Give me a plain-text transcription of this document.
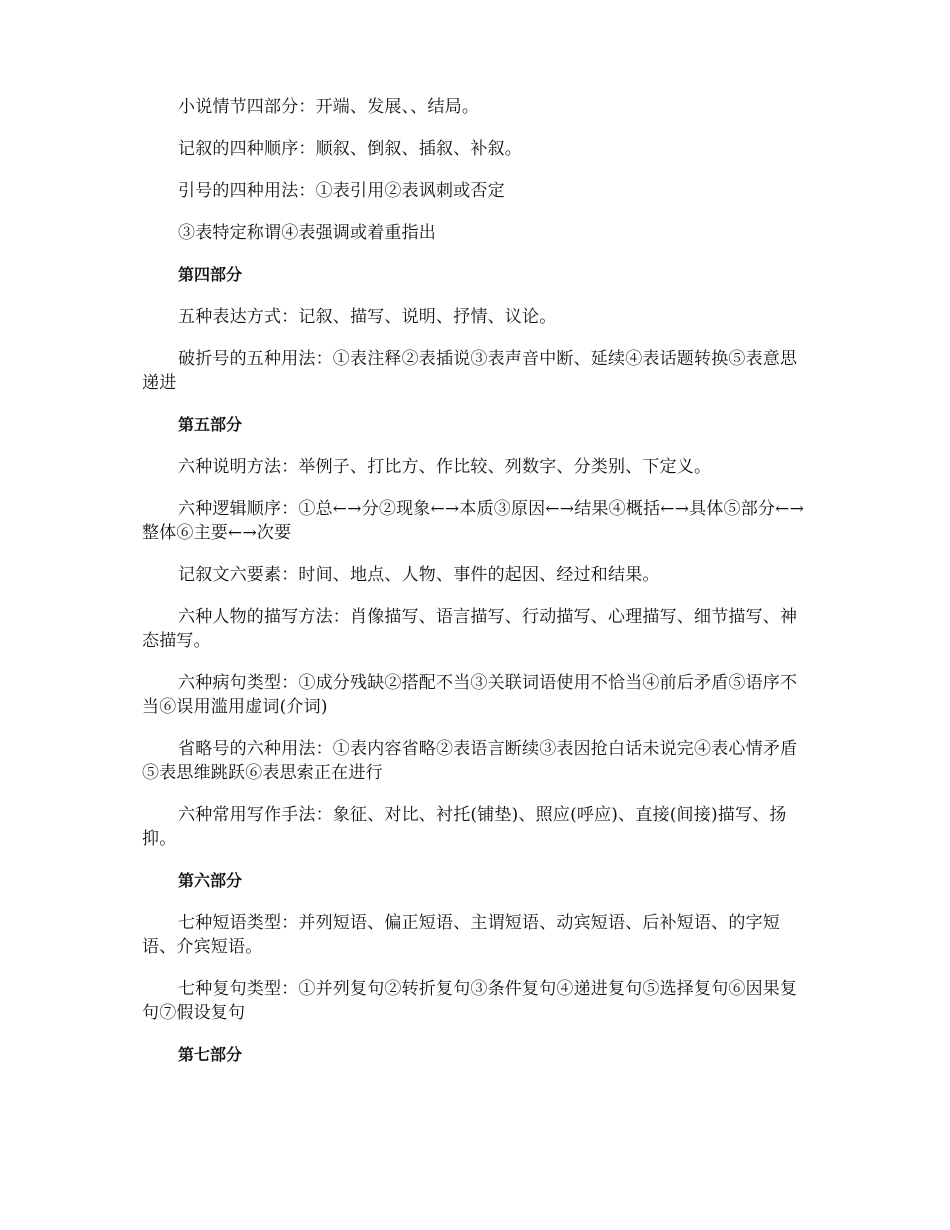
小说情节四部分：开端、发展、、结局。

记叙的四种顺序：顺叙、倒叙、插叙、补叙。

引号的四种用法：①表引用②表讽刺或否定

③表特定称谓④表强调或着重指出

第四部分

五种表达方式：记叙、描写、说明、抒情、议论。

破折号的五种用法：①表注释②表插说③表声音中断、延续④表话题转换⑤表意思递进

第五部分

六种说明方法：举例子、打比方、作比较、列数字、分类别、下定义。

六种逻辑顺序：①总←→分②现象←→本质③原因←→结果④概括←→具体⑤部分←→整体⑥主要←→次要

记叙文六要素：时间、地点、人物、事件的起因、经过和结果。

六种人物的描写方法：肖像描写、语言描写、行动描写、心理描写、细节描写、神态描写。

六种病句类型：①成分残缺②搭配不当③关联词语使用不恰当④前后矛盾⑤语序不当⑥误用滥用虚词(介词)

省略号的六种用法：①表内容省略②表语言断续③表因抢白话未说完④表心情矛盾⑤表思维跳跃⑥表思索正在进行

六种常用写作手法：象征、对比、衬托(铺垫)、照应(呼应)、直接(间接)描写、扬抑。

第六部分

七种短语类型：并列短语、偏正短语、主谓短语、动宾短语、后补短语、的字短语、介宾短语。

七种复句类型：①并列复句②转折复句③条件复句④递进复句⑤选择复句⑥因果复句⑦假设复句

第七部分
